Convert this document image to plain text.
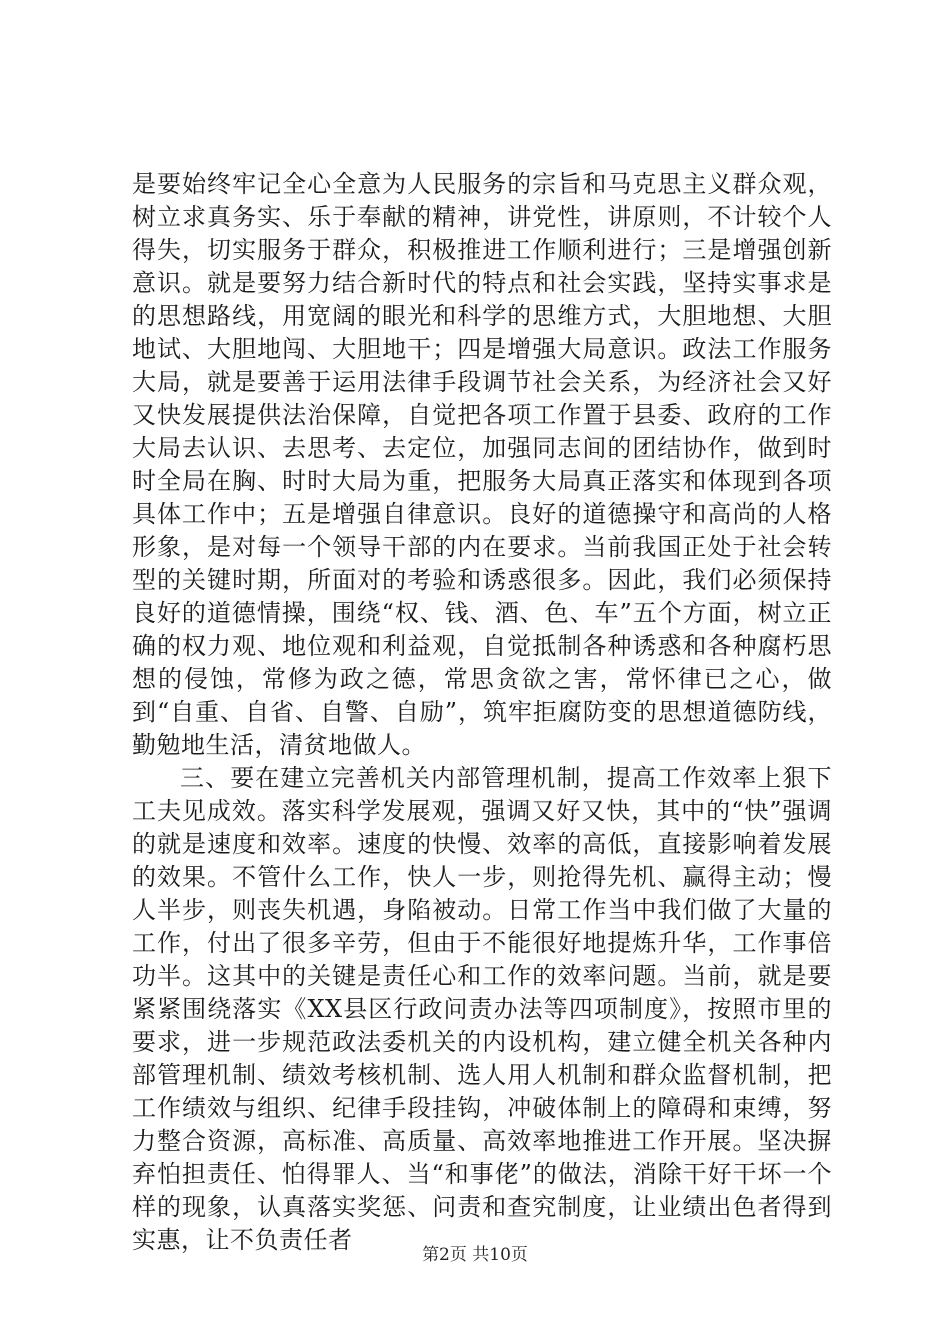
是要始终牢记全心全意为人民服务的宗旨和马克思主义群众观，树立求真务实、乐于奉献的精神，讲党性，讲原则，不计较个人得失，切实服务于群众，积极推进工作顺利进行；三是增强创新意识。就是要努力结合新时代的特点和社会实践，坚持实事求是的思想路线，用宽阔的眼光和科学的思维方式，大胆地想、大胆地试、大胆地闯、大胆地干；四是增强大局意识。政法工作服务大局，就是要善于运用法律手段调节社会关系，为经济社会又好又快发展提供法治保障，自觉把各项工作置于县委、政府的工作大局去认识、去思考、去定位，加强同志间的团结协作，做到时时全局在胸、时时大局为重，把服务大局真正落实和体现到各项具体工作中；五是增强自律意识。良好的道德操守和高尚的人格形象，是对每一个领导干部的内在要求。当前我国正处于社会转型的关键时期，所面对的考验和诱惑很多。因此，我们必须保持良好的道德情操，围绕“权、钱、酒、色、车”五个方面，树立正确的权力观、地位观和利益观，自觉抵制各种诱惑和各种腐朽思想的侵蚀，常修为政之德，常思贪欲之害，常怀律已之心，做到“自重、自省、自警、自励”，筑牢拒腐防变的思想道德防线，勤勉地生活，清贫地做人。

三、要在建立完善机关内部管理机制，提高工作效率上狠下工夫见成效。落实科学发展观，强调又好又快，其中的“快”强调的就是速度和效率。速度的快慢、效率的高低，直接影响着发展的效果。不管什么工作，快人一步，则抢得先机、赢得主动；慢人半步，则丧失机遇，身陷被动。日常工作当中我们做了大量的工作，付出了很多辛劳，但由于不能很好地提炼升华，工作事倍功半。这其中的关键是责任心和工作的效率问题。当前，就是要紧紧围绕落实《XX县区行政问责办法等四项制度》，按照市里的要求，进一步规范政法委机关的内设机构，建立健全机关各种内部管理机制、绩效考核机制、选人用人机制和群众监督机制，把工作绩效与组织、纪律手段挂钩，冲破体制上的障碍和束缚，努力整合资源，高标准、高质量、高效率地推进工作开展。坚决摒弃怕担责任、怕得罪人、当“和事佬”的做法，消除干好干坏一个样的现象，认真落实奖惩、问责和查究制度，让业绩出色者得到实惠，让不负责任者

第2页 共10页
